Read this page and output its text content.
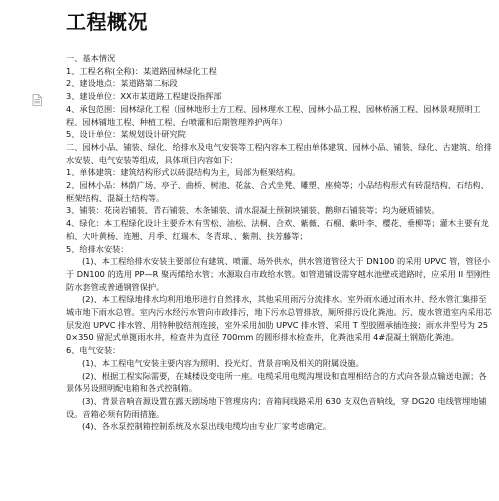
工程概况

一、基本情况

1、工程名称(全称)：某道路园林绿化工程

2、建设地点：某道路第二标段

3、建设单位：XX市某道路工程建设指挥部

4、承包范围：园林绿化工程（园林地形土方工程、园林理水工程、园林小品工程、园林桥涵工程、园林景观照明工程、园林铺地工程、种植工程、台喷灌和后期管理养护两年）

5、设计单位：某规划设计研究院

二、园林小品、铺装、绿化、给排水及电气安装等工程内容本工程由单体建筑、园林小品、铺装、绿化、古建筑、给排水安装、电气安装等组成，具体项目内容如下：

1、单体建筑：建筑结构形式以砖混结构为主，局部为框架结构。

2、园林小品：林荫广场、亭子、曲桥、树池、花盆、合式坐凳、雕塑、座椅等；小品结构形式有砖混结构、石结构、框架结构、混凝土结构等。

3、铺装：花岗岩铺装、青石铺装、木条铺装、清水混凝土预制块铺装、鹅卵石铺装等；均为硬质铺装。

4、绿化：本工程绿化设计主要乔木有雪松、油松、法桐、合欢、紫薇、石榴、紫叶李、樱花、垂柳等；灌木主要有龙柏、大叶黄杨、连翘、月季、红瑞木、冬青球、、紫荆、扶芳藤等；

5、给排水安装：

(1)、本工程给排水安装主要部位有建筑、喷灌、场外供水，供水管道管径大于 DN100 的采用 UPVC 管，管径小于 DN100 的选用 PP—R 聚丙烯给水管；水源取自市政给水管。如管道铺设需穿越水池壁或道路时，应采用 II 型刚性防水套管或普通钢管保护。

(2)、本工程绿地排水均利用地形进行自然排水，其他采用雨污分流排水。室外雨水通过雨水井、经水管汇集排至城市地下雨水总管。室内污水经污水管向市政排污，地下污水总管排放，厕所排污设化粪池。污、废水管道室内采用芯层发泡 UPVC 排水管、用特种胶结剂连接，室外采用加肋 UPVC 排水管、采用 T 型胶圈承插连接；雨水井型号为 250×350 留泥式单篦雨水井，检查井为直径 700mm 的圆形排水检查井，化粪池采用 4#混凝土钢筋化粪池。

6、电气安装：

(1)、本工程电气安装主要内容为照明、投光灯、背景音响及相关的附属设施。

(2)、根据工程实际需要，在城楼设变电所一座。电缆采用电缆沟埋设和直埋相结合的方式向各景点输送电源；各景体另设照明配电箱和各式控制箱。

(3)、背景音响音源设置在露天剧场地下管理房内；音箱间线路采用 630 支双色音响线，穿 DG20 电线管埋地铺设。音箱必须有防雨措施。

(4)、各水泵控制箱控制系统及水泵出线电缆均由专业厂家考虑确定。
